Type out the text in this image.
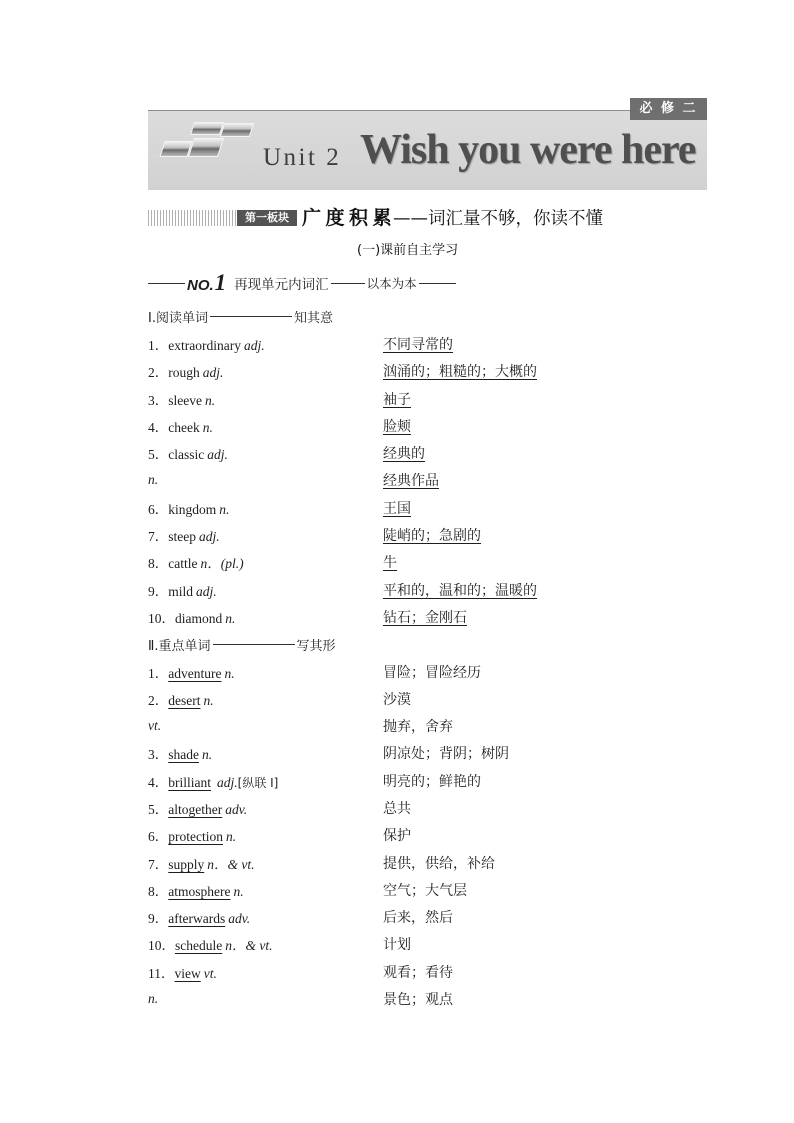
Unit 2 Wish you were here
必 修 二
第一板块 广度积累
——词汇量不够，你读不懂
(一)课前自主学习
NO. 1 再现单元内词汇	以本为本
Ⅰ.阅读单词	知其意
1． extraordinary adj.	不同寻常的
2． rough adj.	汹涌的；粗糙的；大概的
3． sleeve n.	袖子
4． cheek n.	脸颊
5． classic adj.	经典的
n.	经典作品
6． kingdom n.	王国
7． steep adj.	陡峭的；急剧的
8． cattle n．(pl.)	牛
9． mild adj.	平和的，温和的；温暖的
10． diamond n.	钻石；金刚石
Ⅱ.重点单词	写其形
1． adventure n.	冒险；冒险经历
2． desert n.	沙漠
vt.	抛弃，舍弃
3． shade n.	阴凉处；背阴；树阴
4． brilliant adj. [纵联 Ⅰ]	明亮的；鲜艳的
5． altogether adv.	总共
6． protection n.	保护
7． supply n．& vt.	提供，供给，补给
8． atmosphere n.	空气；大气层
9． afterwards adv.	后来，然后
10． schedule n．& vt.	计划
11． view vt.	观看；看待
n.	景色；观点
